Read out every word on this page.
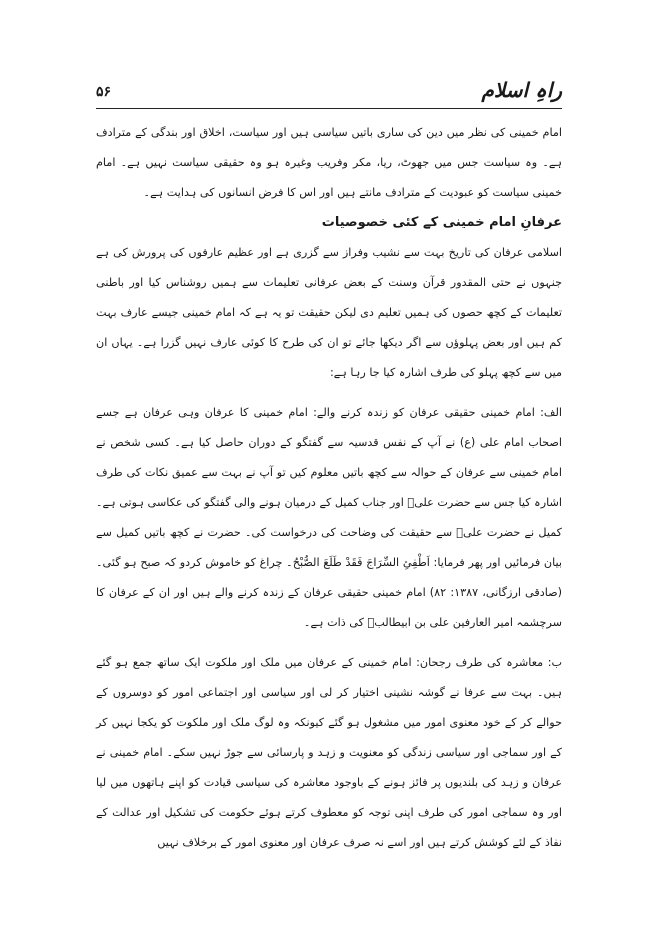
راہِ اسلام
۵۶

امام خمینی کی نظر میں دین کی ساری باتیں سیاسی ہیں اور سیاست، اخلاق اور بندگی کے مترادف ہے۔ وہ سیاست جس میں جھوٹ، ریا، مکر وفریب وغیرہ ہو وہ حقیقی سیاست نہیں ہے۔ امام خمینی سیاست کو عبودیت کے مترادف مانتے ہیں اور اس کا فرض انسانوں کی ہدایت ہے۔

عرفانِ امام خمینی کے کئی خصوصیات

اسلامی عرفان کی تاریخ بہت سے نشیب وفراز سے گزری ہے اور عظیم عارفوں کی پرورش کی ہے جنہوں نے حتی المقدور قرآن وسنت کے بعض عرفانی تعلیمات سے ہمیں روشناس کیا اور باطنی تعلیمات کے کچھ حصوں کی ہمیں تعلیم دی لیکن حقیقت تو یہ ہے کہ امام خمینی جیسے عارف بہت کم ہیں اور بعض پہلوؤں سے اگر دیکھا جائے تو ان کی طرح کا کوئی عارف نہیں گزرا ہے۔ یہاں ان میں سے کچھ پہلو کی طرف اشارہ کیا جا رہا ہے:

الف: امام خمینی حقیقی عرفان کو زندہ کرنے والے: امام خمینی کا عرفان وہی عرفان ہے جسے اصحاب امام علی (ع) نے آپ کے نفس قدسیہ سے گفتگو کے دوران حاصل کیا ہے۔ کسی شخص نے امام خمینی سے عرفان کے حوالہ سے کچھ باتیں معلوم کیں تو آپ نے بہت سے عمیق نکات کی طرف اشارہ کیا جس سے حضرت علیؑ اور جناب کمیل کے درمیان ہونے والی گفتگو کی عکاسی ہوتی ہے۔ کمیل نے حضرت علیؑ سے حقیقت کی وضاحت کی درخواست کی۔ حضرت نے کچھ باتیں کمیل سے بیان فرمائیں اور پھر فرمایا: اَطْفِئِ السِّرَاجَ فَقَدْ طَلَعَ الصُّبْحُ۔ چراغ کو خاموش کردو کہ صبح ہو گئی۔ (صادقی ارزگانی، ۱۳۸۷: ۸۲) امام خمینی حقیقی عرفان کے زندہ کرنے والے ہیں اور ان کے عرفان کا سرچشمہ امیر العارفین علی بن ابیطالبؑ کی ذات ہے۔

ب: معاشرہ کی طرف رجحان: امام خمینی کے عرفان میں ملک اور ملکوت ایک ساتھ جمع ہو گئے ہیں۔ بہت سے عرفا نے گوشہ نشینی اختیار کر لی اور سیاسی اور اجتماعی امور کو دوسروں کے حوالے کر کے خود معنوی امور میں مشغول ہو گئے کیونکہ وہ لوگ ملک اور ملکوت کو یکجا نہیں کر کے اور سماجی اور سیاسی زندگی کو معنویت و زہد و پارسائی سے جوڑ نہیں سکے۔ امام خمینی نے عرفان و زہد کی بلندیوں پر فائز ہونے کے باوجود معاشرہ کی سیاسی قیادت کو اپنے ہاتھوں میں لیا اور وہ سماجی امور کی طرف اپنی توجہ کو معطوف کرتے ہوئے حکومت کی تشکیل اور عدالت کے نفاذ کے لئے کوشش کرتے ہیں اور اسے نہ صرف عرفان اور معنوی امور کے برخلاف نہیں
